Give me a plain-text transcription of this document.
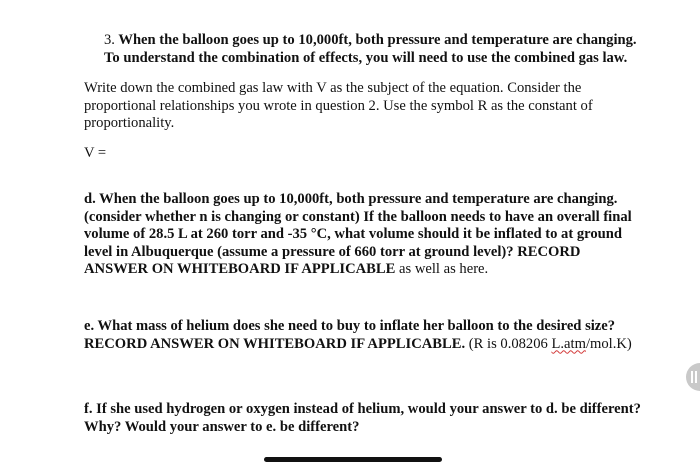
3. When the balloon goes up to 10,000ft, both pressure and temperature are changing.
To understand the combination of effects, you will need to use the combined gas law.
Write down the combined gas law with V as the subject of the equation. Consider the
proportional relationships you wrote in question 2. Use the symbol R as the constant of
proportionality.
V =
d. When the balloon goes up to 10,000ft, both pressure and temperature are changing.
(consider whether n is changing or constant) If the balloon needs to have an overall final
volume of 28.5 L at 260 torr and -35 °C, what volume should it be inflated to at ground
level in Albuquerque (assume a pressure of 660 torr at ground level)? RECORD
ANSWER ON WHITEBOARD IF APPLICABLE as well as here.
e. What mass of helium does she need to buy to inflate her balloon to the desired size?
RECORD ANSWER ON WHITEBOARD IF APPLICABLE. (R is 0.08206 L.atm/mol.K)
f. If she used hydrogen or oxygen instead of helium, would your answer to d. be different?
Why? Would your answer to e. be different?
